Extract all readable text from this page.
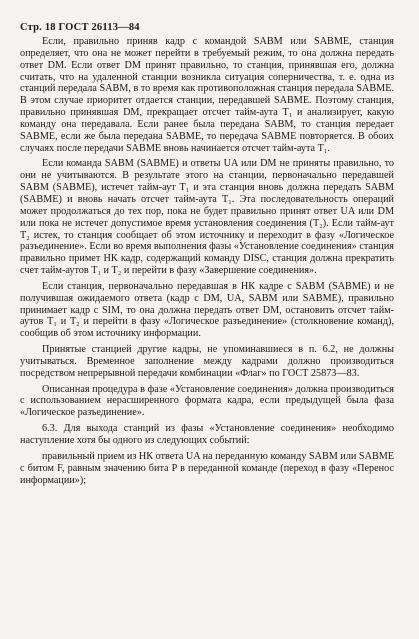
Стр. 18 ГОСТ 26113—84

Если, правильно приняв кадр с командой SABM или SABME, станция определяет, что она не может перейти в требуемый режим, то она должна передать ответ DM. Если ответ DM принят правильно, то станция, принявшая его, должна считать, что на удаленной станции возникла ситуация соперничества, т. е. одна из станций передала SABM, в то время как противоположная станция передала SABME. В этом случае приоритет отдается станции, передавшей SABME. Поэтому станция, правильно принявшая DM, прекращает отсчет тайм-аута T₁ и анализирует, какую команду она передавала. Если ранее была передана SABM, то станция передает SABME, если же была передана SABME, то передача SABME повторяется. В обоих случаях после передачи SABME вновь начинается отсчет тайм-аута T₁.

Если команда SABM (SABME) и ответы UA или DM не приняты правильно, то они не учитываются. В результате этого на станции, первоначально передавшей SABM (SABME), истечет тайм-аут T₁ и эта станция вновь должна передать SABM (SABME) и вновь начать отсчет тайм-аута T₁. Эта последовательность операций может продолжаться до тех пор, пока не будет правильно принят ответ UA или DM или пока не истечет допустимое время установления соединения (T₂). Если тайм-аут T₂ истек, то станция сообщает об этом источнику и переходит в фазу «Логическое разъединение». Если во время выполнения фазы «Установление соединения» станция правильно примет НК кадр, содержащий команду DISC, станция должна прекратить счет тайм-аутов T₁ и T₂ и перейти в фазу «Завершение соединения».

Если станция, первоначально передавшая в НК кадре с SABM (SABME) и не получившая ожидаемого ответа (кадр с DM, UA, SABM или SABME), правильно принимает кадр с SIM, то она должна передать ответ DM, остановить отсчет тайм-аутов T₁ и T₂ и перейти в фазу «Логическое разъединение» (столкновение команд), сообщив об этом источнику информации.

Принятые станцией другие кадры, не упоминавшиеся в п. 6.2, не должны учитываться. Временное заполнение между кадрами должно производиться посредством непрерывной передачи комбинации «Флаг» по ГОСТ 25873—83.

Описанная процедура в фазе «Установление соединения» должна производиться с использованием нерасширенного формата кадра, если предыдущей была фаза «Логическое разъединение».

6.3. Для выхода станций из фазы «Установление соединения» необходимо наступление хотя бы одного из следующих событий:

правильный прием из НК ответа UA на переданную команду SABM или SABME с битом F, равным значению бита P в переданной команде (переход в фазу «Перенос информации»);
